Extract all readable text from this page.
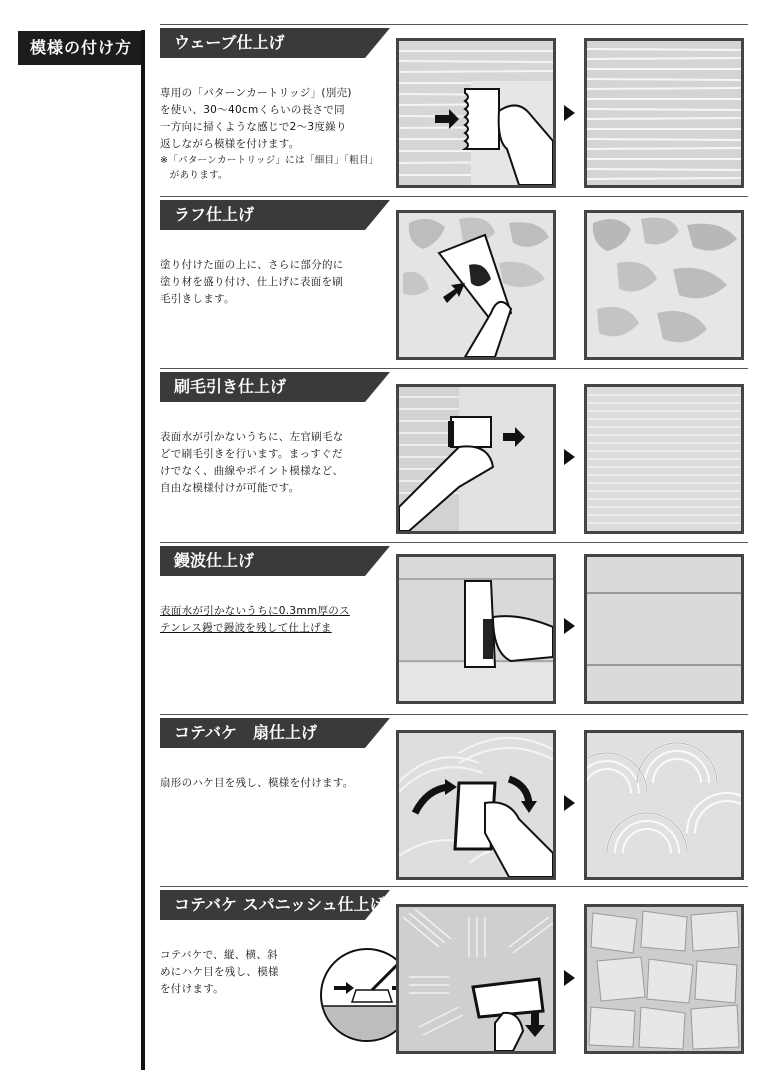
模様の付け方	ウェーブ仕上げ

専用の「パターンカートリッジ」(別売)
を使い、30〜40cmくらいの長さで同
一方向に掃くような感じで2〜3度繰り
返しながら模様を付けます。

※「パターンカートリッジ」には「細目」「粗目」
　があります。

ラフ仕上げ

塗り付けた面の上に、さらに部分的に
塗り材を盛り付け、仕上げに表面を刷
毛引きします。

刷毛引き仕上げ

表面水が引かないうちに、左官刷毛な
どで刷毛引きを行います。まっすぐだ
けでなく、曲線やポイント模様など、
自由な模様付けが可能です。

鏝波仕上げ

表面水が引かないうちに0.3mm厚のス
テンレス鏝で鏝波を残して仕上げま

コテバケ　扇仕上げ

扇形のハケ目を残し、模様を付けます。

コテバケ スパニッシュ仕上げ

コテバケで、縦、横、斜
めにハケ目を残し、模様
を付けます。
